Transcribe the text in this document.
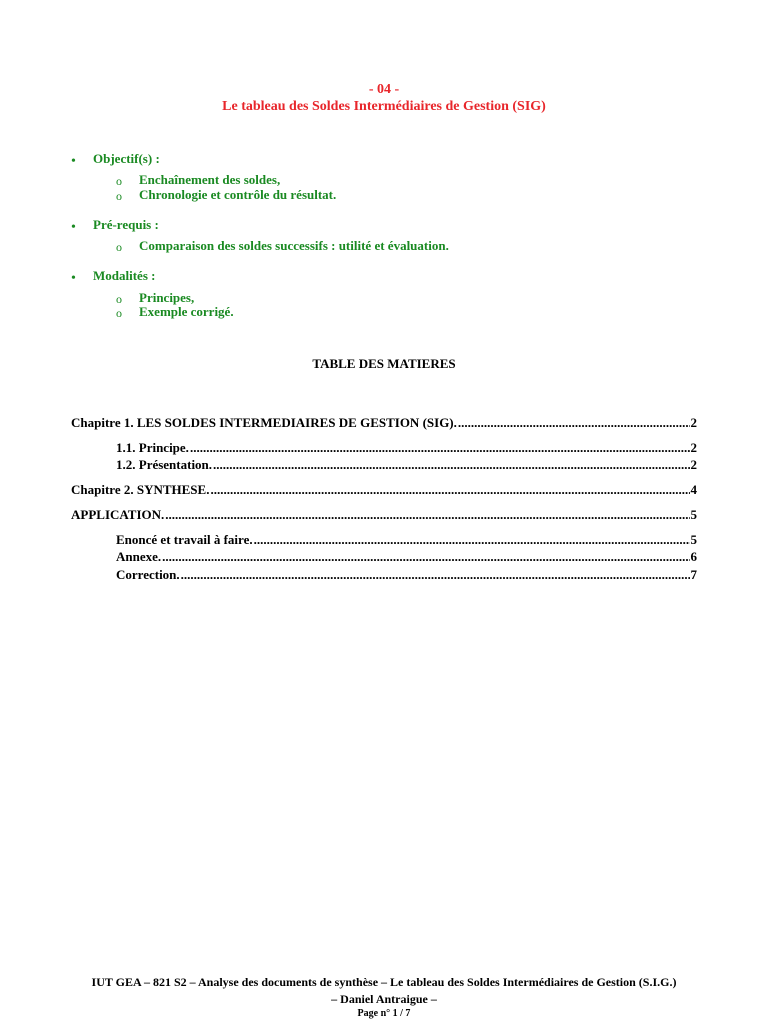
- 04 -
Le tableau des Soldes Intermédiaires de Gestion (SIG)
•
Objectif(s) :
o Enchaînement des soldes,
o Chronologie et contrôle du résultat.
•
Pré-requis :
o Comparaison des soldes successifs : utilité et évaluation.
•
Modalités :
o Principes,
o Exemple corrigé.
TABLE DES MATIERES
Chapitre 1. LES SOLDES INTERMEDIAIRES DE GESTION (SIG). .....	2
1.1. Principe. .....	2
1.2. Présentation. .....	2
Chapitre 2. SYNTHESE. .....	4
APPLICATION. .....	5
Enoncé et travail à faire. .....	5
Annexe. .....	6
Correction. .....	7
IUT GEA – 821 S2 – Analyse des documents de synthèse – Le tableau des Soldes Intermédiaires de Gestion (S.I.G.)
– Daniel Antraigue –
Page n° 1 / 7
